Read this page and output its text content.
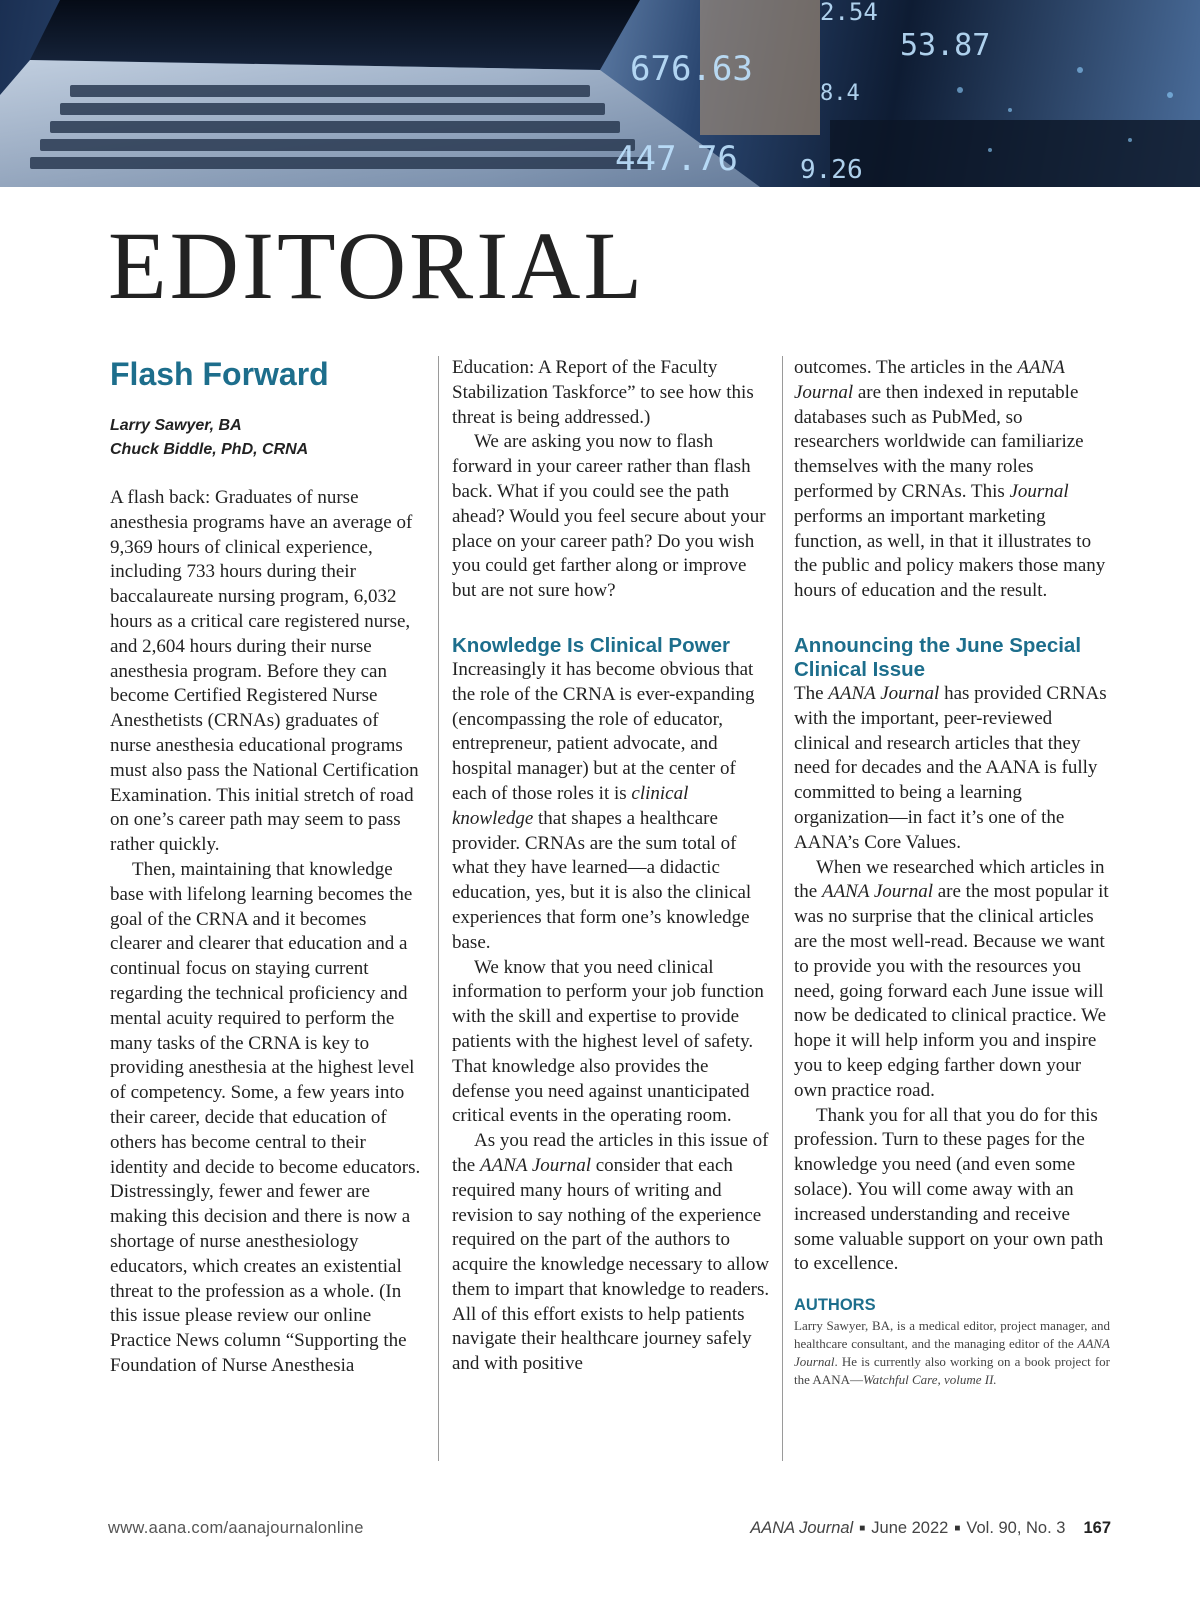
676.63
447.76
53.87
2.54
9.26
8.4
EDITORIAL
Flash Forward
Larry Sawyer, BA
Chuck Biddle, PhD, CRNA

A flash back: Graduates of nurse anesthesia programs have an average of 9,369 hours of clinical experience, including 733 hours during their baccalaureate nursing program, 6,032 hours as a critical care registered nurse, and 2,604 hours during their nurse anesthesia program. Before they can become Certified Registered Nurse Anesthetists (CRNAs) graduates of nurse anesthesia educational programs must also pass the National Certification Examination. This initial stretch of road on one’s career path may seem to pass rather quickly.

Then, maintaining that knowledge base with lifelong learning becomes the goal of the CRNA and it becomes clearer and clearer that education and a continual focus on staying current regarding the technical proficiency and mental acuity required to perform the many tasks of the CRNA is key to providing anesthesia at the highest level of competency. Some, a few years into their career, decide that education of others has become central to their identity and decide to become educators. Distressingly, fewer and fewer are making this decision and there is now a shortage of nurse anesthesiology educators, which creates an existential threat to the profession as a whole. (In this issue please review our online Practice News column “Supporting the Foundation of Nurse Anesthesia

Education: A Report of the Faculty Stabilization Taskforce” to see how this threat is being addressed.)

We are asking you now to flash forward in your career rather than flash back. What if you could see the path ahead? Would you feel secure about your place on your career path? Do you wish you could get farther along or improve but are not sure how?

Knowledge Is Clinical Power

Increasingly it has become obvious that the role of the CRNA is ever-expanding (encompassing the role of educator, entrepreneur, patient advocate, and hospital manager) but at the center of each of those roles it is clinical knowledge that shapes a healthcare provider. CRNAs are the sum total of what they have learned—a didactic education, yes, but it is also the clinical experiences that form one’s knowledge base.

We know that you need clinical information to perform your job function with the skill and expertise to provide patients with the highest level of safety. That knowledge also provides the defense you need against unanticipated critical events in the operating room.

As you read the articles in this issue of the AANA Journal consider that each required many hours of writing and revision to say nothing of the experience required on the part of the authors to acquire the knowledge necessary to allow them to impart that knowledge to readers. All of this effort exists to help patients navigate their healthcare journey safely and with positive

outcomes. The articles in the AANA Journal are then indexed in reputable databases such as PubMed, so researchers worldwide can familiarize themselves with the many roles performed by CRNAs. This Journal performs an important marketing function, as well, in that it illustrates to the public and policy makers those many hours of education and the result.

Announcing the June Special Clinical Issue

The AANA Journal has provided CRNAs with the important, peer-reviewed clinical and research articles that they need for decades and the AANA is fully committed to being a learning organization—in fact it’s one of the AANA’s Core Values.

When we researched which articles in the AANA Journal are the most popular it was no surprise that the clinical articles are the most well-read. Because we want to provide you with the resources you need, going forward each June issue will now be dedicated to clinical practice. We hope it will help inform you and inspire you to keep edging farther down your own practice road.

Thank you for all that you do for this profession. Turn to these pages for the knowledge you need (and even some solace). You will come away with an increased understanding and receive some valuable support on your own path to excellence.

AUTHORS

Larry Sawyer, BA, is a medical editor, project manager, and healthcare consultant, and the managing editor of the AANA Journal. He is currently also working on a book project for the AANA—Watchful Care, volume II.

www.aana.com/aanajournalonline	AANA Journal ■ June 2022 ■ Vol. 90, No. 3 167
